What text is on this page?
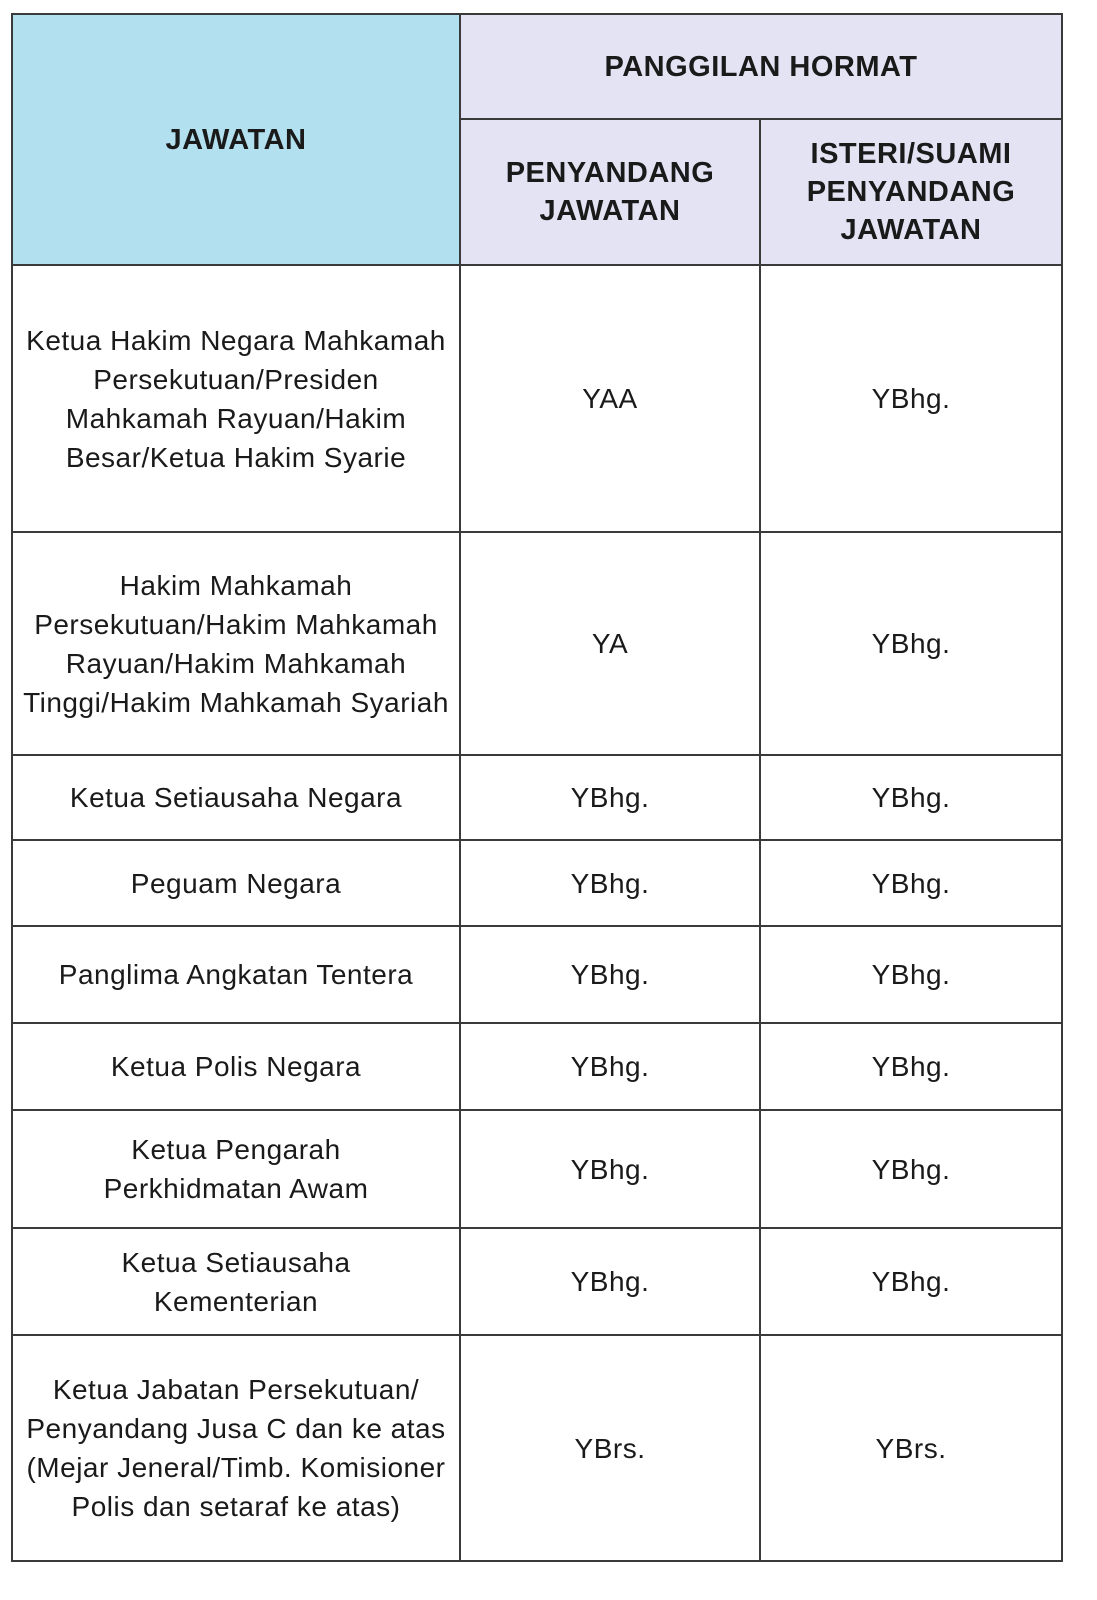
JAWATAN	PANGGILAN HORMAT	
	PENYANDANG JAWATAN	ISTERI/SUAMI PENYANDANG JAWATAN
Ketua Hakim Negara Mahkamah Persekutuan/Presiden Mahkamah Rayuan/Hakim Besar/Ketua Hakim Syarie	YAA	YBhg.
Hakim Mahkamah Persekutuan/Hakim Mahkamah Rayuan/Hakim Mahkamah Tinggi/Hakim Mahkamah Syariah	YA	YBhg.
Ketua Setiausaha Negara	YBhg.	YBhg.
Peguam Negara	YBhg.	YBhg.
Panglima Angkatan Tentera	YBhg.	YBhg.
Ketua Polis Negara	YBhg.	YBhg.
Ketua Pengarah Perkhidmatan Awam	YBhg.	YBhg.
Ketua Setiausaha Kementerian	YBhg.	YBhg.
Ketua Jabatan Persekutuan/ Penyandang Jusa C dan ke atas (Mejar Jeneral/Timb. Komisioner Polis dan setaraf ke atas)	YBrs.	YBrs.
